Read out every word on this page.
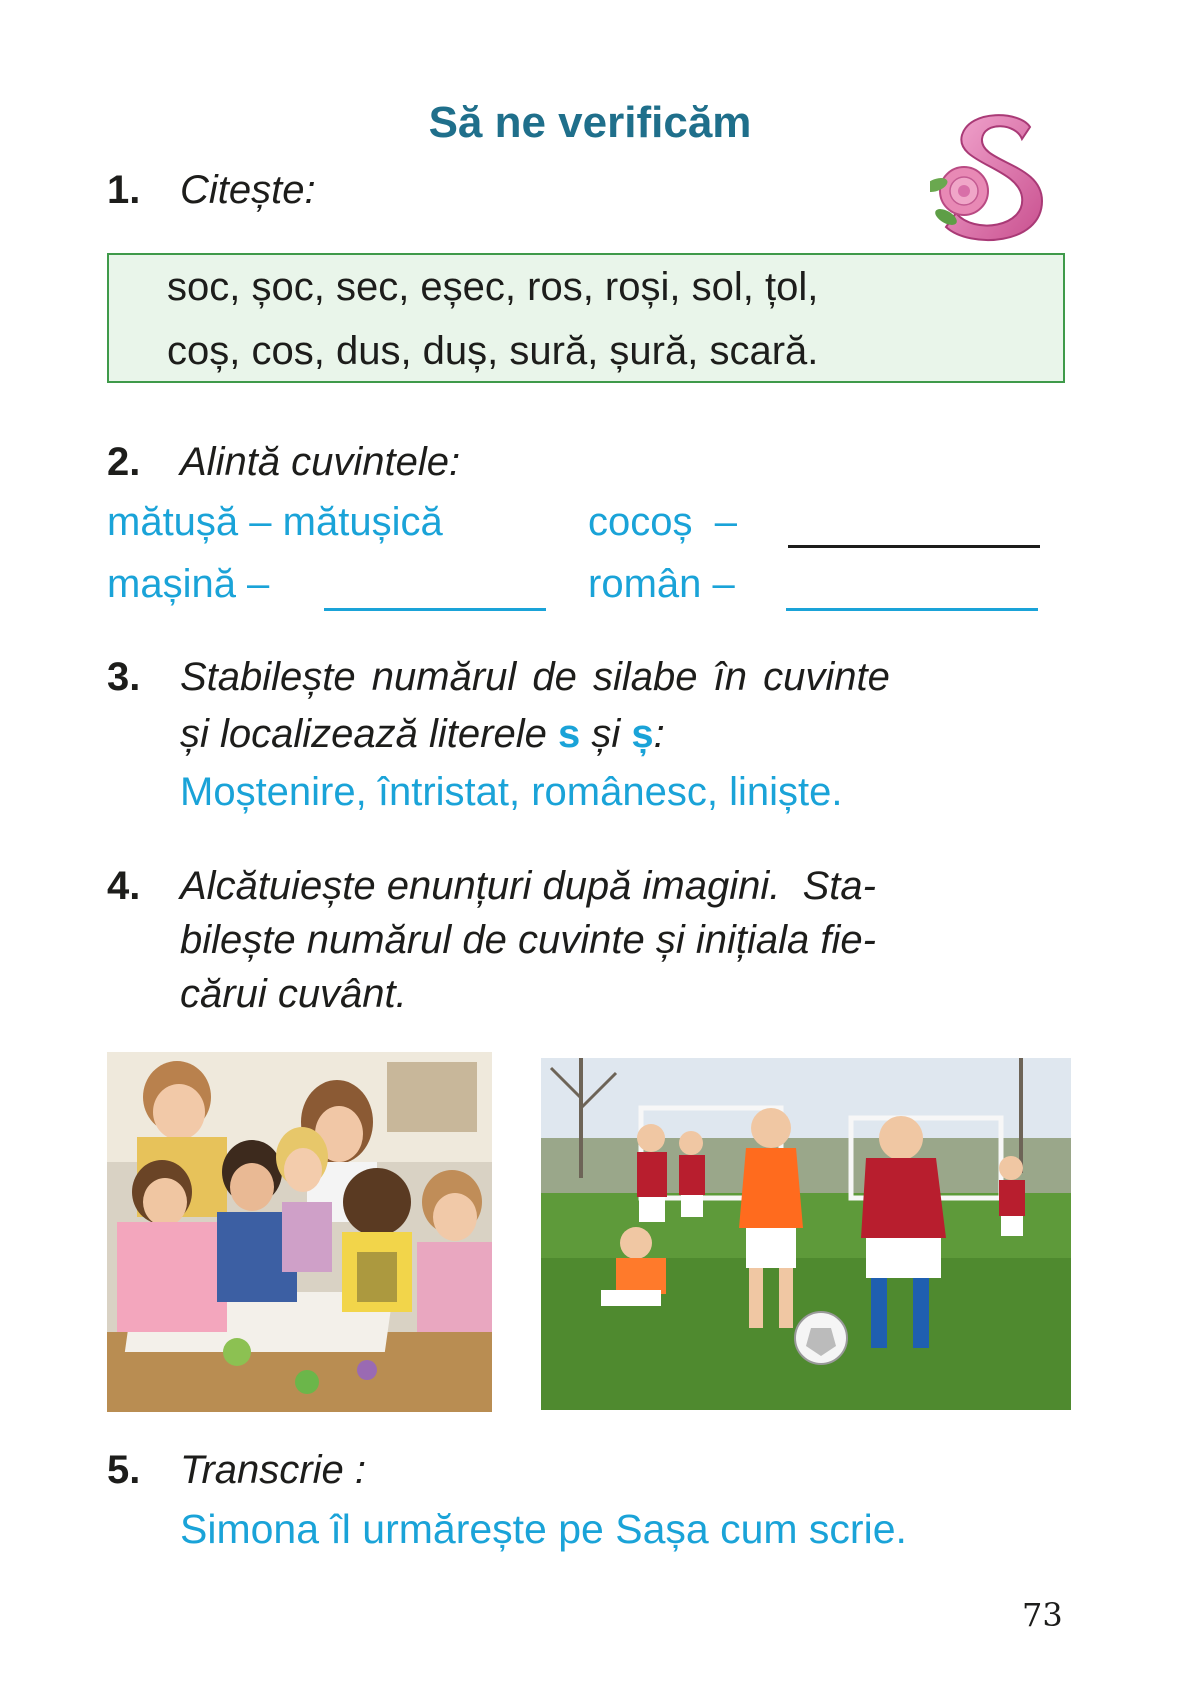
Să ne verificăm
1. Citește:
soc, șoc, sec, eșec, ros, roși, sol, țol,
coș, cos, dus, duș, sură, șură, scară.
2. Alintă cuvintele:
mătușă – mătușică	cocoș  –
mașină –	român –
3. Stabilește numărul de silabe în cuvinte
și localizează literele s și ș:
Moștenire, întristat, românesc, liniște.
4. Alcătuiește enunțuri după imagini.  Sta-
bilește numărul de cuvinte și inițiala fie-
cărui cuvânt.
5. Transcrie :
Simona îl urmărește pe Sașa cum scrie.
73
